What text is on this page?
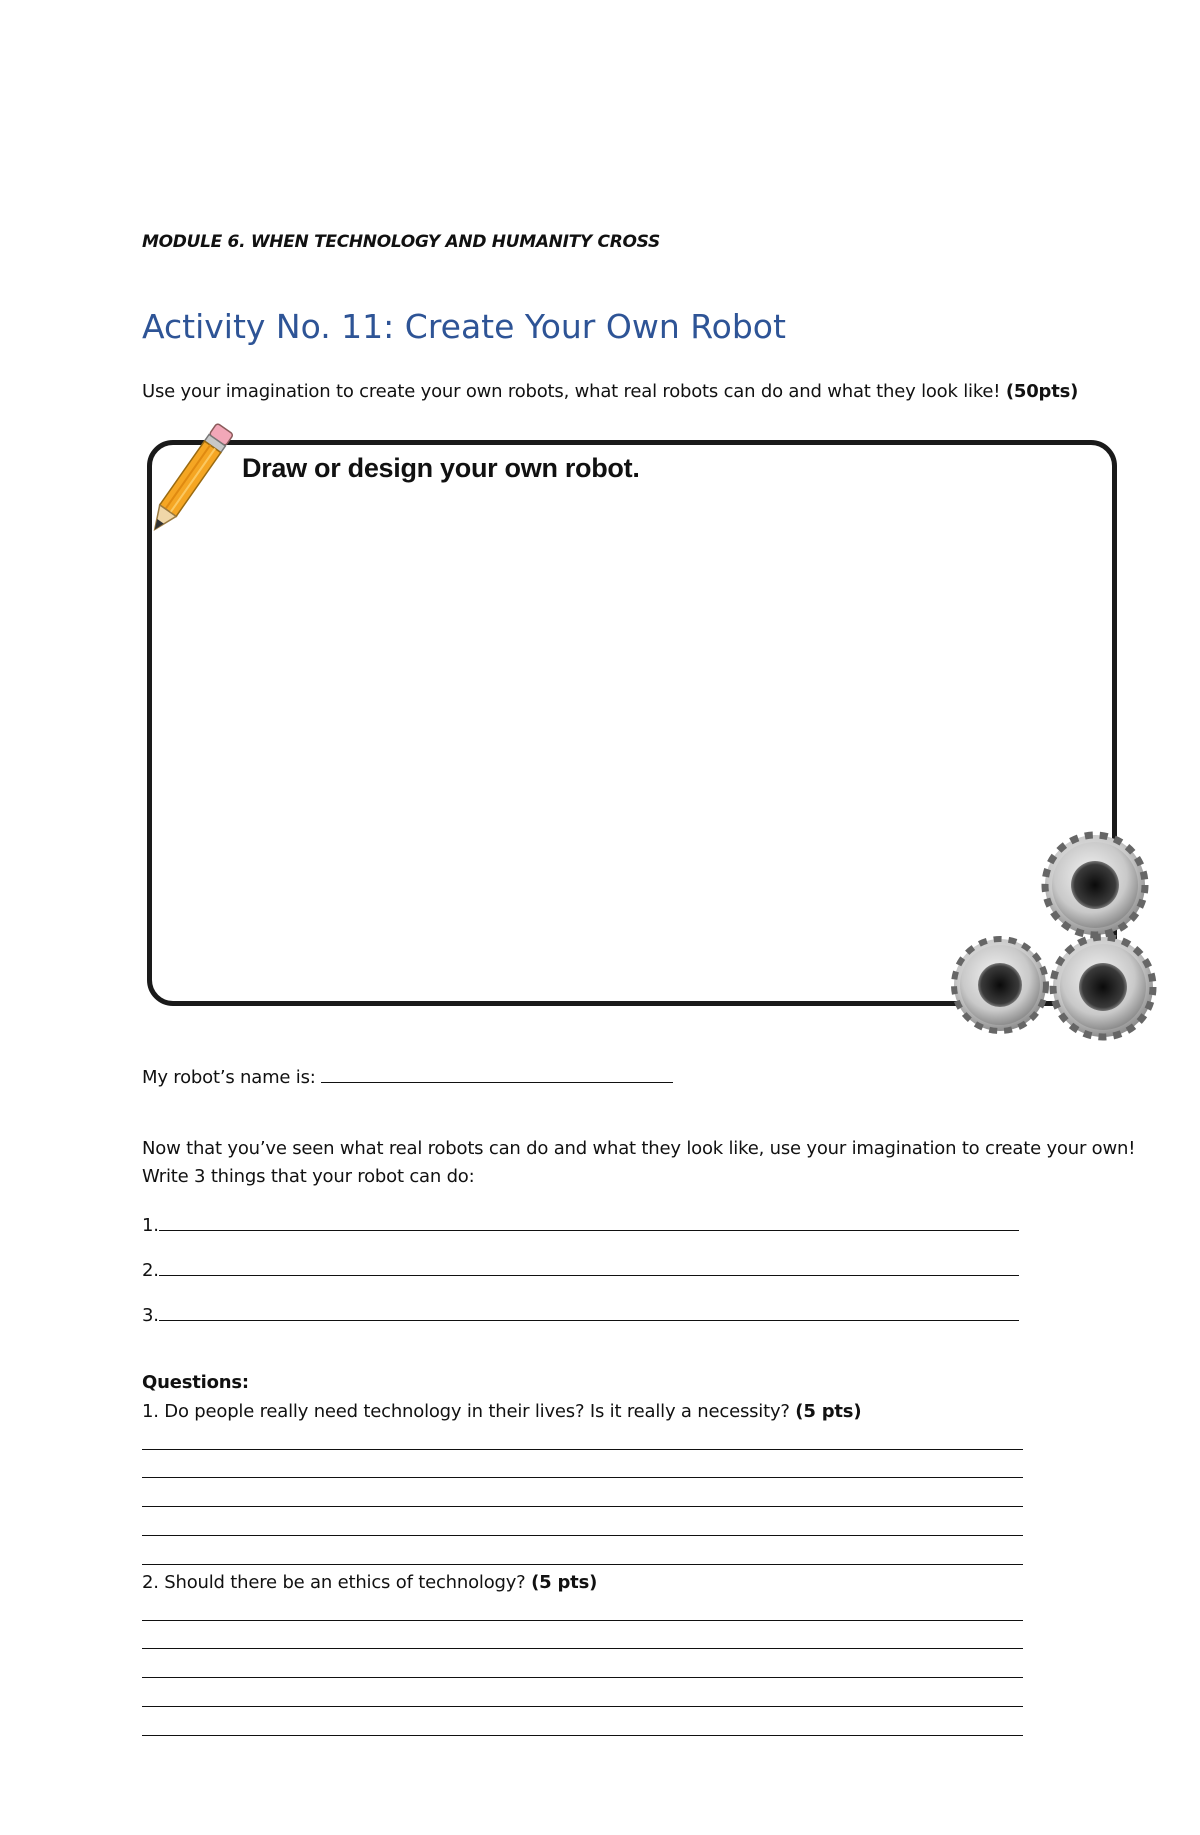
MODULE 6. WHEN TECHNOLOGY AND HUMANITY CROSS
Activity No. 11: Create Your Own Robot
Use your imagination to create your own robots, what real robots can do and what they look like! (50pts)
Draw or design your own robot.
My robot’s name is:
Now that you’ve seen what real robots can do and what they look like, use your imagination to create your own!
Write 3 things that your robot can do:
1.
2.
3.
Questions:
1. Do people really need technology in their lives? Is it really a necessity? (5 pts)
2. Should there be an ethics of technology? (5 pts)
